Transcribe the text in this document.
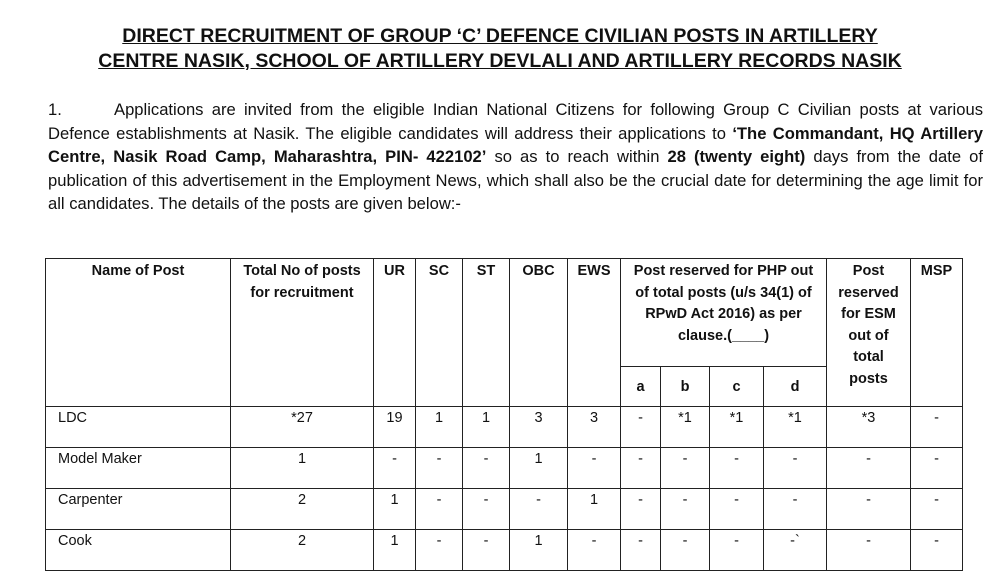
DIRECT RECRUITMENT OF GROUP ‘C’ DEFENCE CIVILIAN POSTS IN ARTILLERY
CENTRE NASIK, SCHOOL OF ARTILLERY DEVLALI AND ARTILLERY RECORDS NASIK
1.	Applications are invited from the eligible Indian National Citizens for following Group C Civilian posts at various Defence establishments at Nasik. The eligible candidates will address their applications to ‘The Commandant, HQ Artillery Centre, Nasik Road Camp, Maharashtra, PIN- 422102’ so as to reach within 28 (twenty eight) days from the date of publication of this advertisement in the Employment News, which shall also be the crucial date for determining the age limit for all candidates. The details of the posts are given below:-
Name of Post	Total No of posts for recruitment	UR	SC	ST	OBC	EWS	Post reserved for PHP out of total posts (u/s 34(1) of RPwD Act 2016) as per clause.(____)				Post reserved for ESM out of total posts	MSP
							a	b	c	d		
LDC	*27	19	1	1	3	3	-	*1	*1	*1	*3	-
Model Maker	1	-	-	-	1	-	-	-	-	-	-	-
Carpenter	2	1	-	-	-	1	-	-	-	-	-	-
Cook	2	1	-	-	1	-	-	-	-	-`	-	-
